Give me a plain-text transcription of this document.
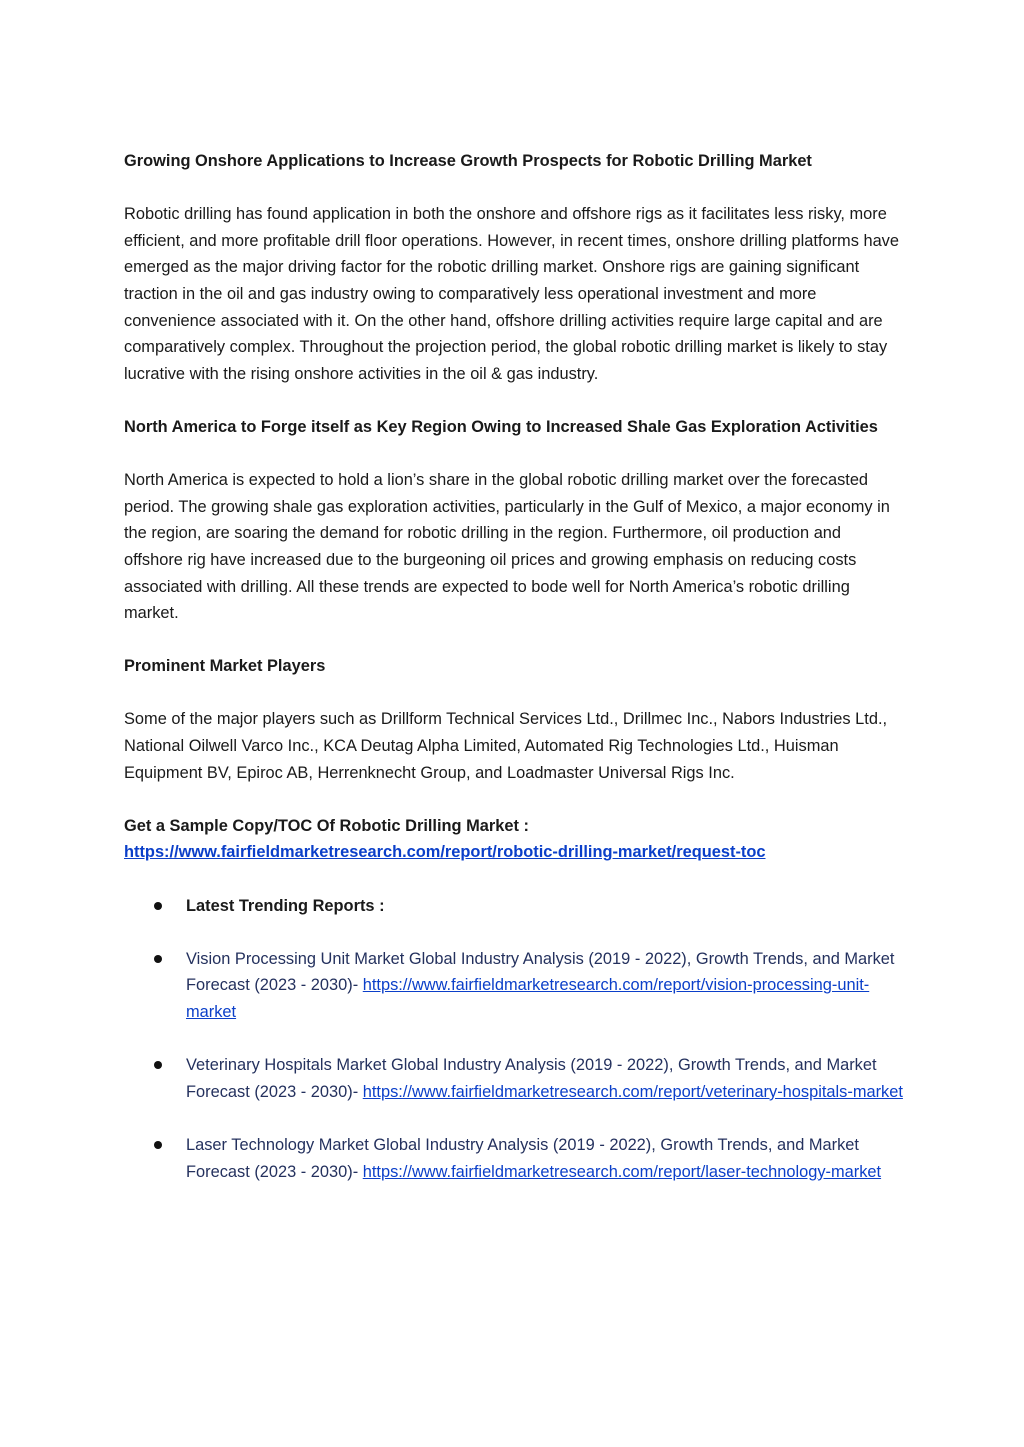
Growing Onshore Applications to Increase Growth Prospects for Robotic Drilling Market

Robotic drilling has found application in both the onshore and offshore rigs as it facilitates less risky, more efficient, and more profitable drill floor operations. However, in recent times, onshore drilling platforms have emerged as the major driving factor for the robotic drilling market. Onshore rigs are gaining significant traction in the oil and gas industry owing to comparatively less operational investment and more convenience associated with it. On the other hand, offshore drilling activities require large capital and are comparatively complex. Throughout the projection period, the global robotic drilling market is likely to stay lucrative with the rising onshore activities in the oil & gas industry.

North America to Forge itself as Key Region Owing to Increased Shale Gas Exploration Activities

North America is expected to hold a lion’s share in the global robotic drilling market over the forecasted period. The growing shale gas exploration activities, particularly in the Gulf of Mexico, a major economy in the region, are soaring the demand for robotic drilling in the region. Furthermore, oil production and offshore rig have increased due to the burgeoning oil prices and growing emphasis on reducing costs associated with drilling. All these trends are expected to bode well for North America’s robotic drilling market.

Prominent Market Players

Some of the major players such as Drillform Technical Services Ltd., Drillmec Inc., Nabors Industries Ltd., National Oilwell Varco Inc., KCA Deutag Alpha Limited, Automated Rig Technologies Ltd., Huisman Equipment BV, Epiroc AB, Herrenknecht Group, and Loadmaster Universal Rigs Inc.

Get a Sample Copy/TOC Of Robotic Drilling Market :

https://www.fairfieldmarketresearch.com/report/robotic-drilling-market/request-toc

Latest Trending Reports :
Vision Processing Unit Market Global Industry Analysis (2019 - 2022), Growth Trends, and Market Forecast (2023 - 2030)- https://www.fairfieldmarketresearch.com/report/vision-processing-unit-market
Veterinary Hospitals Market Global Industry Analysis (2019 - 2022), Growth Trends, and Market Forecast (2023 - 2030)- https://www.fairfieldmarketresearch.com/report/veterinary-hospitals-market
Laser Technology Market Global Industry Analysis (2019 - 2022), Growth Trends, and Market Forecast (2023 - 2030)- https://www.fairfieldmarketresearch.com/report/laser-technology-market
